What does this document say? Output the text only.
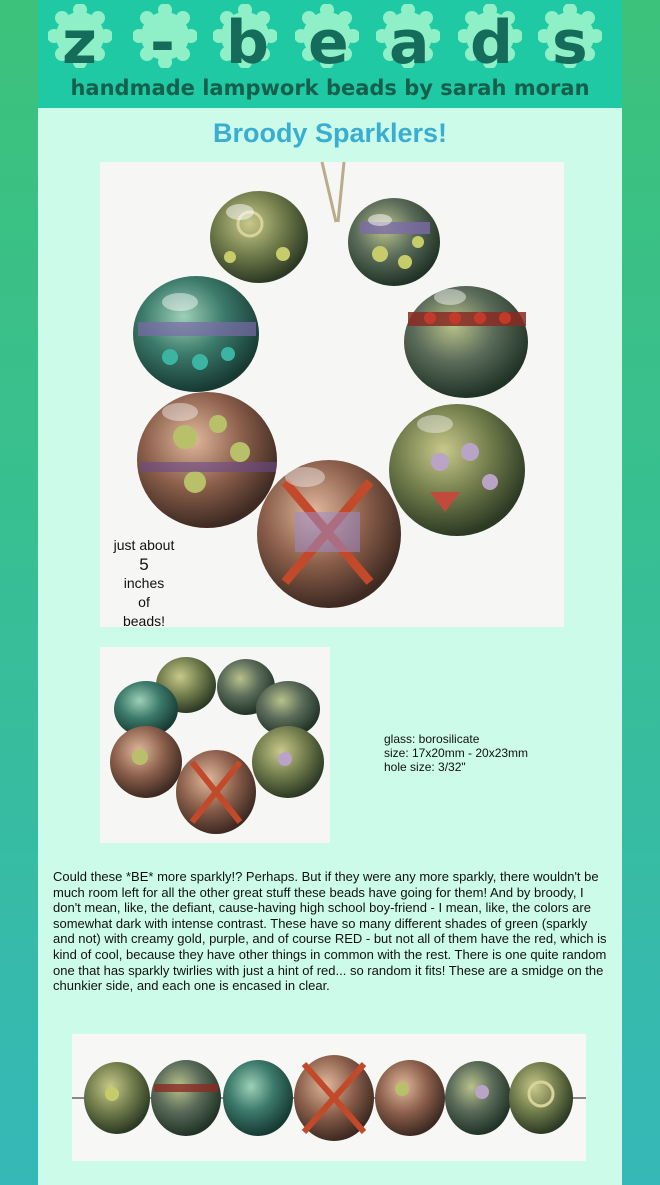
z - b e a d s
handmade lampwork beads by sarah moran
Broody Sparklers!
just about
5
inches
of
beads!
glass: borosilicate
size: 17x20mm - 20x23mm
hole size: 3/32"

Could these *BE* more sparkly!? Perhaps. But if they were any more sparkly, there wouldn't be much room left for all the other great stuff these beads have going for them! And by broody, I don't mean, like, the defiant, cause-having high school boy-friend - I mean, like, the colors are somewhat dark with intense contrast. These have so many different shades of green (sparkly and not) with creamy gold, purple, and of course RED - but not all of them have the red, which is kind of cool, because they have other things in common with the rest. There is one quite random one that has sparkly twirlies with just a hint of red... so random it fits! These are a smidge on the chunkier side, and each one is encased in clear.
